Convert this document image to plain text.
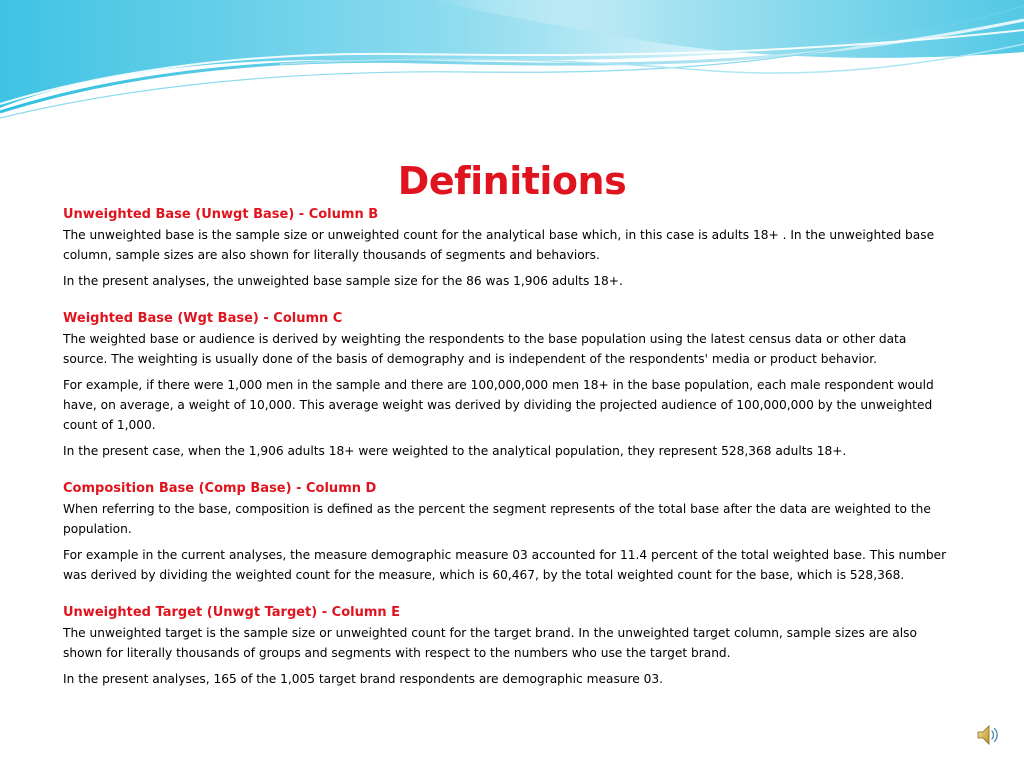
Definitions
Unweighted Base (Unwgt Base) - Column B
The unweighted base is the sample size or unweighted count for the analytical base which, in this case is adults 18+ . In the unweighted base column, sample sizes are also shown for literally thousands of segments and behaviors.
In the present analyses, the unweighted base sample size for the 86 was 1,906 adults 18+.
Weighted Base (Wgt Base) - Column C
The weighted base or audience is derived by weighting the respondents to the base population using the latest census data or other data source. The weighting is usually done of the basis of demography and is independent of the respondents' media or product behavior.
For example, if there were 1,000 men in the sample and there are 100,000,000 men 18+ in the base population, each male respondent would have, on average, a weight of 10,000. This average weight was derived by dividing the projected audience of 100,000,000 by the unweighted count of 1,000.
In the present case, when the 1,906 adults 18+ were weighted to the analytical population, they represent 528,368 adults 18+.
Composition Base (Comp Base) - Column D
When referring to the base, composition is defined as the percent the segment represents of the total base after the data are weighted to the population.
For example in the current analyses, the measure demographic measure 03 accounted for 11.4 percent of the total weighted base. This number was derived by dividing the weighted count for the measure, which is 60,467, by the total weighted count for the base, which is 528,368.
Unweighted Target (Unwgt Target) - Column E
The unweighted target is the sample size or unweighted count for the target brand. In the unweighted target column, sample sizes are also shown for literally thousands of groups and segments with respect to the numbers who use the target brand.
In the present analyses, 165 of the 1,005 target brand respondents are demographic measure 03.
